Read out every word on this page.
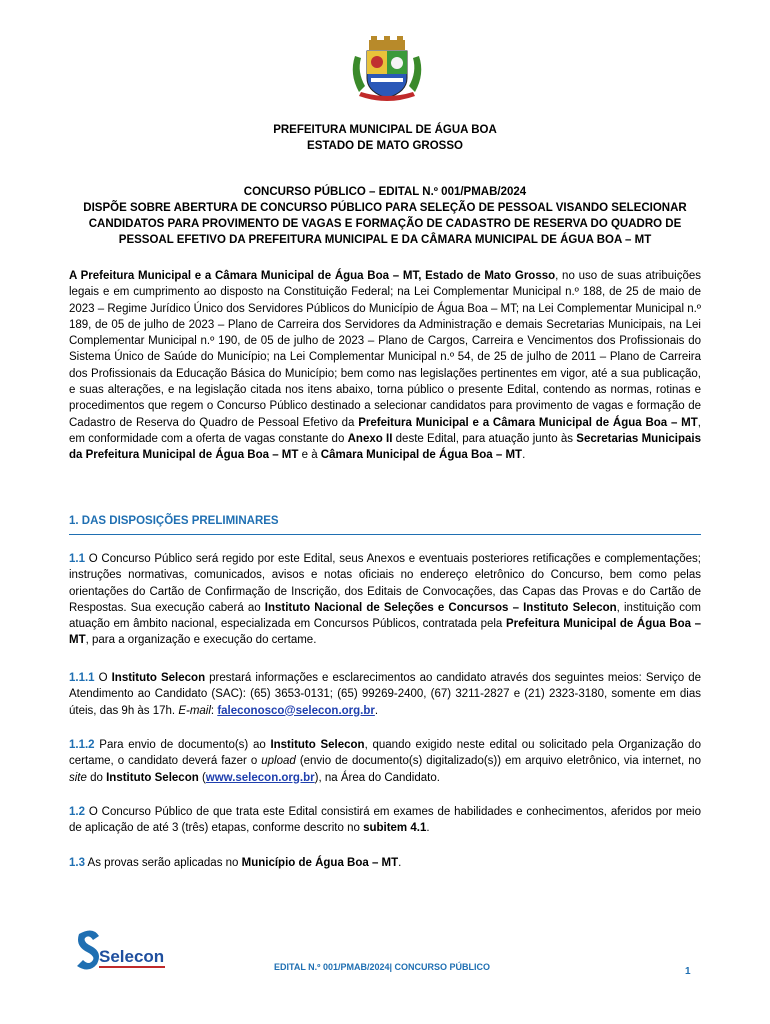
PREFEITURA MUNICIPAL DE ÁGUA BOA
ESTADO DE MATO GROSSO
CONCURSO PÚBLICO – EDITAL N.º 001/PMAB/2024
DISPÕE SOBRE ABERTURA DE CONCURSO PÚBLICO PARA SELEÇÃO DE PESSOAL VISANDO SELECIONAR
CANDIDATOS PARA PROVIMENTO DE VAGAS E FORMAÇÃO DE CADASTRO DE RESERVA DO QUADRO DE
PESSOAL EFETIVO DA PREFEITURA MUNICIPAL E DA CÂMARA MUNICIPAL DE ÁGUA BOA – MT
A Prefeitura Municipal e a Câmara Municipal de Água Boa – MT, Estado de Mato Grosso, no uso de suas atribuições legais e em cumprimento ao disposto na Constituição Federal; na Lei Complementar Municipal n.º 188, de 25 de maio de 2023 – Regime Jurídico Único dos Servidores Públicos do Município de Água Boa – MT; na Lei Complementar Municipal n.º 189, de 05 de julho de 2023 – Plano de Carreira dos Servidores da Administração e demais Secretarias Municipais, na Lei Complementar Municipal n.º 190, de 05 de julho de 2023 – Plano de Cargos, Carreira e Vencimentos dos Profissionais do Sistema Único de Saúde do Município; na Lei Complementar Municipal n.º 54, de 25 de julho de 2011 – Plano de Carreira dos Profissionais da Educação Básica do Município; bem como nas legislações pertinentes em vigor, até a sua publicação, e suas alterações, e na legislação citada nos itens abaixo, torna público o presente Edital, contendo as normas, rotinas e procedimentos que regem o Concurso Público destinado a selecionar candidatos para provimento de vagas e formação de Cadastro de Reserva do Quadro de Pessoal Efetivo da Prefeitura Municipal e a Câmara Municipal de Água Boa – MT, em conformidade com a oferta de vagas constante do Anexo II deste Edital, para atuação junto às Secretarias Municipais da Prefeitura Municipal de Água Boa – MT e à Câmara Municipal de Água Boa – MT.
1. DAS DISPOSIÇÕES PRELIMINARES
1.1 O Concurso Público será regido por este Edital, seus Anexos e eventuais posteriores retificações e complementações; instruções normativas, comunicados, avisos e notas oficiais no endereço eletrônico do Concurso, bem como pelas orientações do Cartão de Confirmação de Inscrição, dos Editais de Convocações, das Capas das Provas e do Cartão de Respostas. Sua execução caberá ao Instituto Nacional de Seleções e Concursos – Instituto Selecon, instituição com atuação em âmbito nacional, especializada em Concursos Públicos, contratada pela Prefeitura Municipal de Água Boa – MT, para a organização e execução do certame.
1.1.1 O Instituto Selecon prestará informações e esclarecimentos ao candidato através dos seguintes meios: Serviço de Atendimento ao Candidato (SAC): (65) 3653-0131; (65) 99269-2400, (67) 3211-2827 e (21) 2323-3180, somente em dias úteis, das 9h às 17h. E-mail: faleconosco@selecon.org.br.
1.1.2 Para envio de documento(s) ao Instituto Selecon, quando exigido neste edital ou solicitado pela Organização do certame, o candidato deverá fazer o upload (envio de documento(s) digitalizado(s)) em arquivo eletrônico, via internet, no site do Instituto Selecon (www.selecon.org.br), na Área do Candidato.
1.2 O Concurso Público de que trata este Edital consistirá em exames de habilidades e conhecimentos, aferidos por meio de aplicação de até 3 (três) etapas, conforme descrito no subitem 4.1.
1.3 As provas serão aplicadas no Município de Água Boa – MT.
Selecon
EDITAL N.º 001/PMAB/2024| CONCURSO PÚBLICO	1
